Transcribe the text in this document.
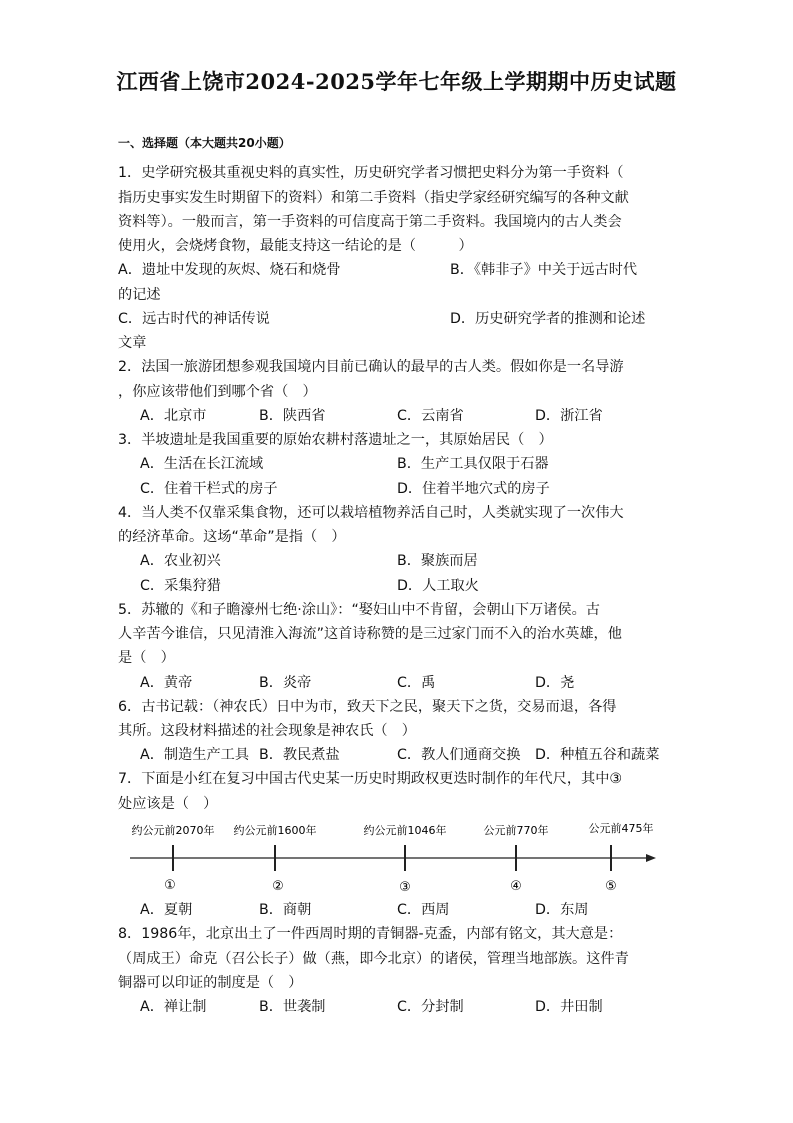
江西省上饶市2024-2025学年七年级上学期期中历史试题
一、选择题（本大题共20小题）
1．史学研究极其重视史料的真实性，历史研究学者习惯把史料分为第一手资料（
指历史事实发生时期留下的资料）和第二手资料（指史学家经研究编写的各种文献
资料等）。一般而言，第一手资料的可信度高于第二手资料。我国境内的古人类会
使用火，会烧烤食物，最能支持这一结论的是（　　　）
A．遗址中发现的灰烬、烧石和烧骨	B．《韩非子》中关于远古时代
的记述
C．远古时代的神话传说	D．历史研究学者的推测和论述
文章
2．法国一旅游团想参观我国境内目前已确认的最早的古人类。假如你是一名导游
，你应该带他们到哪个省（　）
A．北京市	B．陕西省	C．云南省	D．浙江省
3．半坡遗址是我国重要的原始农耕村落遗址之一，其原始居民（　）
A．生活在长江流域	B．生产工具仅限于石器
C．住着干栏式的房子	D．住着半地穴式的房子
4．当人类不仅靠采集食物，还可以栽培植物养活自己时，人类就实现了一次伟大
的经济革命。这场“革命”是指（　）
A．农业初兴	B．聚族而居
C．采集狩猎	D．人工取火
5．苏辙的《和子瞻濠州七绝·涂山》：“娶妇山中不肯留，会朝山下万诸侯。古
人辛苦今谁信，只见清淮入海流”这首诗称赞的是三过家门而不入的治水英雄，他
是（　）
A．黄帝	B．炎帝	C．禹	D．尧
6．古书记载：（神农氏）日中为市，致天下之民，聚天下之货，交易而退，各得
其所。这段材料描述的社会现象是神农氏（　）
A．制造生产工具 B．教民煮盐	C．教人们通商交换 D．种植五谷和蔬菜
7．下面是小红在复习中国古代史某一历史时期政权更迭时制作的年代尺，其中③
处应该是（　）
约公元前2070年 约公元前1600年	约公元前1046年	公元前770年	公元前475年
①	②	③	④	⑤
A．夏朝	B．商朝	C．西周	D．东周
8．1986年，北京出土了一件西周时期的青铜器-克盉，内部有铭文，其大意是：
（周成王）命克（召公长子）做（燕，即今北京）的诸侯，管理当地部族。这件青
铜器可以印证的制度是（　）
A．禅让制	B．世袭制	C．分封制	D．井田制
